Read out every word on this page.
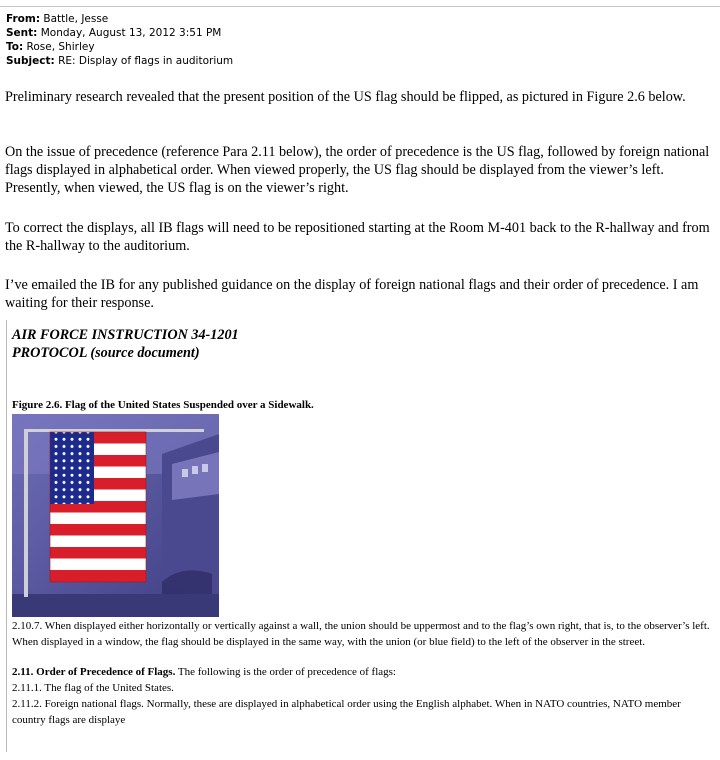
From: Battle, Jesse
Sent: Monday, August 13, 2012 3:51 PM
To: Rose, Shirley
Subject: RE: Display of flags in auditorium

Preliminary research revealed that the present position of the US flag should be flipped, as pictured in Figure 2.6 below.

On the issue of precedence (reference Para 2.11 below), the order of precedence is the US flag, followed by foreign national flags displayed in alphabetical order. When viewed properly, the US flag should be displayed from the viewer’s left. Presently, when viewed, the US flag is on the viewer’s right.

To correct the displays, all IB flags will need to be repositioned starting at the Room M-401 back to the R-hallway and from the R-hallway to the auditorium.

I’ve emailed the IB for any published guidance on the display of foreign national flags and their order of precedence. I am waiting for their response.

AIR FORCE INSTRUCTION 34-1201
PROTOCOL (source document)
Figure 2.6. Flag of the United States Suspended over a Sidewalk.

2.10.7. When displayed either horizontally or vertically against a wall, the union should be uppermost and to the flag’s own right, that is, to the observer’s left. When displayed in a window, the flag should be displayed in the same way, with the union (or blue field) to the left of the observer in the street.

2.11. Order of Precedence of Flags. The following is the order of precedence of flags:
2.11.1. The flag of the United States.
2.11.2. Foreign national flags. Normally, these are displayed in alphabetical order using the English alphabet. When in NATO countries, NATO member country flags are displaye
